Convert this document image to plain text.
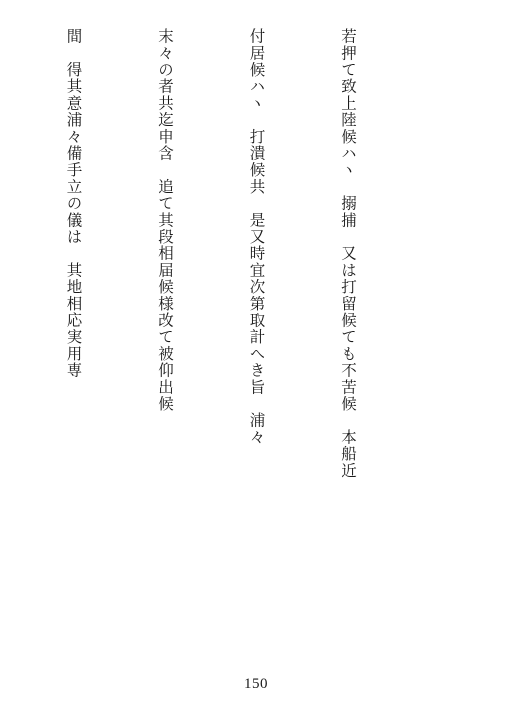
若押て致上陸候ハヽ　搦捕　又は打留候ても不苦候　本船近

付居候ハヽ　打潰候共　是又時宜次第取計へき旨　浦々

末々の者共迄申含　追て其段相届候様改て被仰出候

間　得其意浦々備手立の儀は　其地相応実用専

150
